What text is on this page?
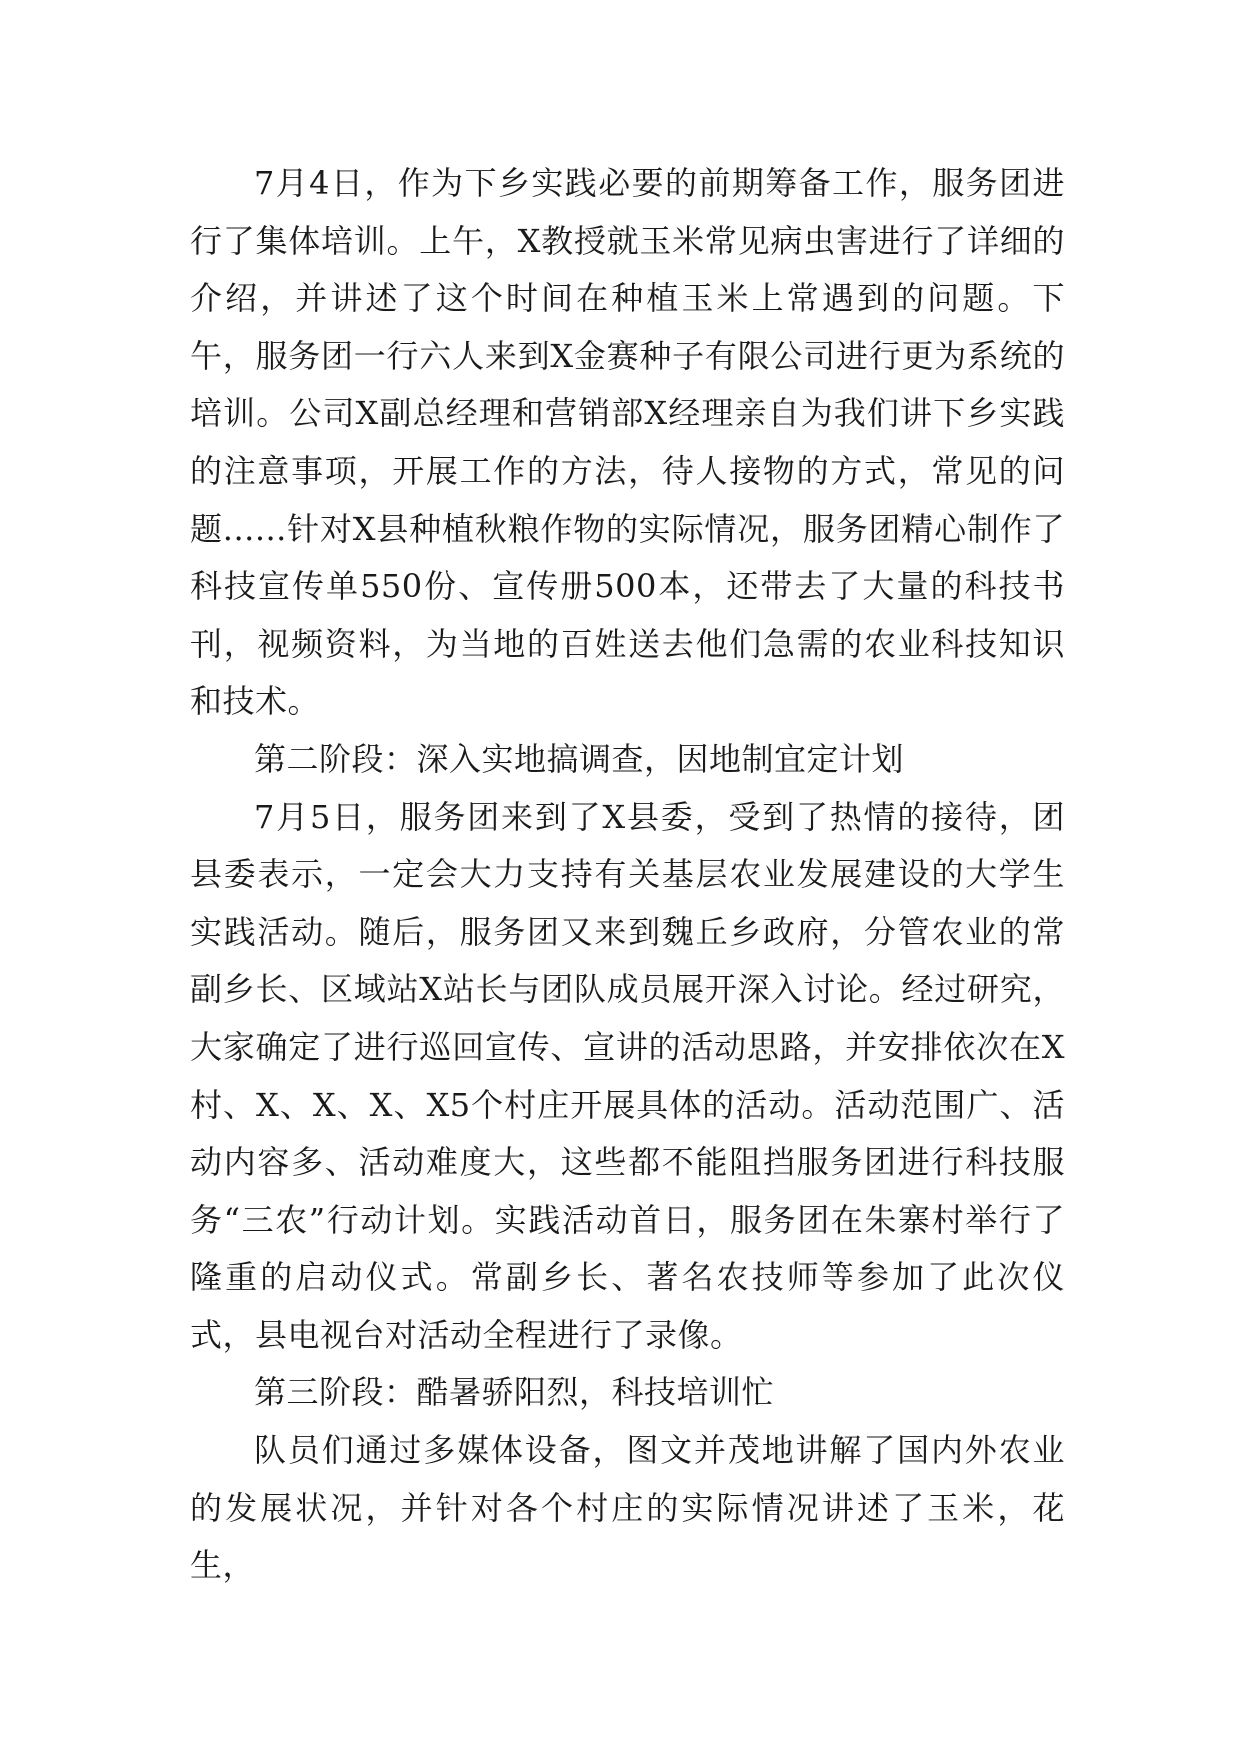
7月4日，作为下乡实践必要的前期筹备工作，服务团进行了集体培训。上午，X教授就玉米常见病虫害进行了详细的介绍，并讲述了这个时间在种植玉米上常遇到的问题。下午，服务团一行六人来到X金赛种子有限公司进行更为系统的培训。公司X副总经理和营销部X经理亲自为我们讲下乡实践的注意事项，开展工作的方法，待人接物的方式，常见的问题......针对X县种植秋粮作物的实际情况，服务团精心制作了科技宣传单550份、宣传册500本，还带去了大量的科技书刊，视频资料，为当地的百姓送去他们急需的农业科技知识和技术。

第二阶段：深入实地搞调查，因地制宜定计划

7月5日，服务团来到了X县委，受到了热情的接待，团县委表示，一定会大力支持有关基层农业发展建设的大学生实践活动。随后，服务团又来到魏丘乡政府，分管农业的常副乡长、区域站X站长与团队成员展开深入讨论。经过研究，大家确定了进行巡回宣传、宣讲的活动思路，并安排依次在X村、X、X、X、X5个村庄开展具体的活动。活动范围广、活动内容多、活动难度大，这些都不能阻挡服务团进行科技服务“三农”行动计划。实践活动首日，服务团在朱寨村举行了隆重的启动仪式。常副乡长、著名农技师等参加了此次仪式，县电视台对活动全程进行了录像。

第三阶段：酷暑骄阳烈，科技培训忙

队员们通过多媒体设备，图文并茂地讲解了国内外农业的发展状况，并针对各个村庄的实际情况讲述了玉米，花生，
